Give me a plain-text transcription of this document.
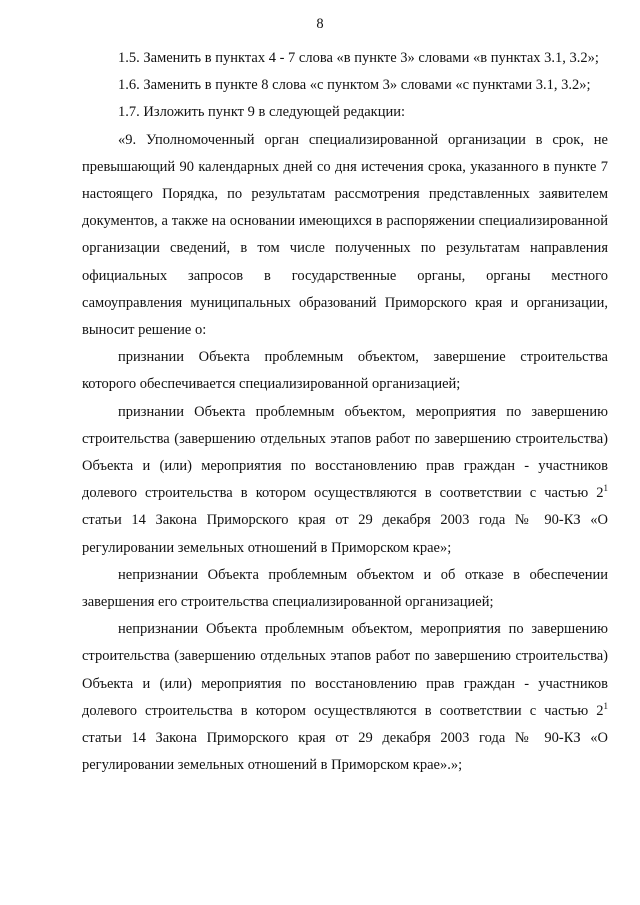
8

1.5. Заменить в пунктах 4 - 7 слова «в пункте 3» словами «в пунктах 3.1, 3.2»;

1.6. Заменить в пункте 8 слова «с пунктом 3» словами «с пунктами 3.1, 3.2»;

1.7. Изложить пункт 9 в следующей редакции:

«9. Уполномоченный орган специализированной организации в срок, не превышающий 90 календарных дней со дня истечения срока, указанного в пункте 7 настоящего Порядка, по результатам рассмотрения представленных заявителем документов, а также на основании имеющихся в распоряжении специализированной организации сведений, в том числе полученных по результатам направления официальных запросов в государственные органы, органы местного самоуправления муниципальных образований Приморского края и организации, выносит решение о:

признании Объекта проблемным объектом, завершение строительства которого обеспечивается специализированной организацией;

признании Объекта проблемным объектом, мероприятия по завершению строительства (завершению отдельных этапов работ по завершению строительства) Объекта и (или) мероприятия по восстановлению прав граждан - участников долевого строительства в котором осуществляются в соответствии с частью $2^1$ статьи 14 Закона Приморского края от 29 декабря 2003 года № 90-КЗ «О регулировании земельных отношений в Приморском крае»;

непризнании Объекта проблемным объектом и об отказе в обеспечении завершения его строительства специализированной организацией;

непризнании Объекта проблемным объектом, мероприятия по завершению строительства (завершению отдельных этапов работ по завершению строительства) Объекта и (или) мероприятия по восстановлению прав граждан - участников долевого строительства в котором осуществляются в соответствии с частью $2^1$ статьи 14 Закона Приморского края от 29 декабря 2003 года № 90-КЗ «О регулировании земельных отношений в Приморском крае».»;
